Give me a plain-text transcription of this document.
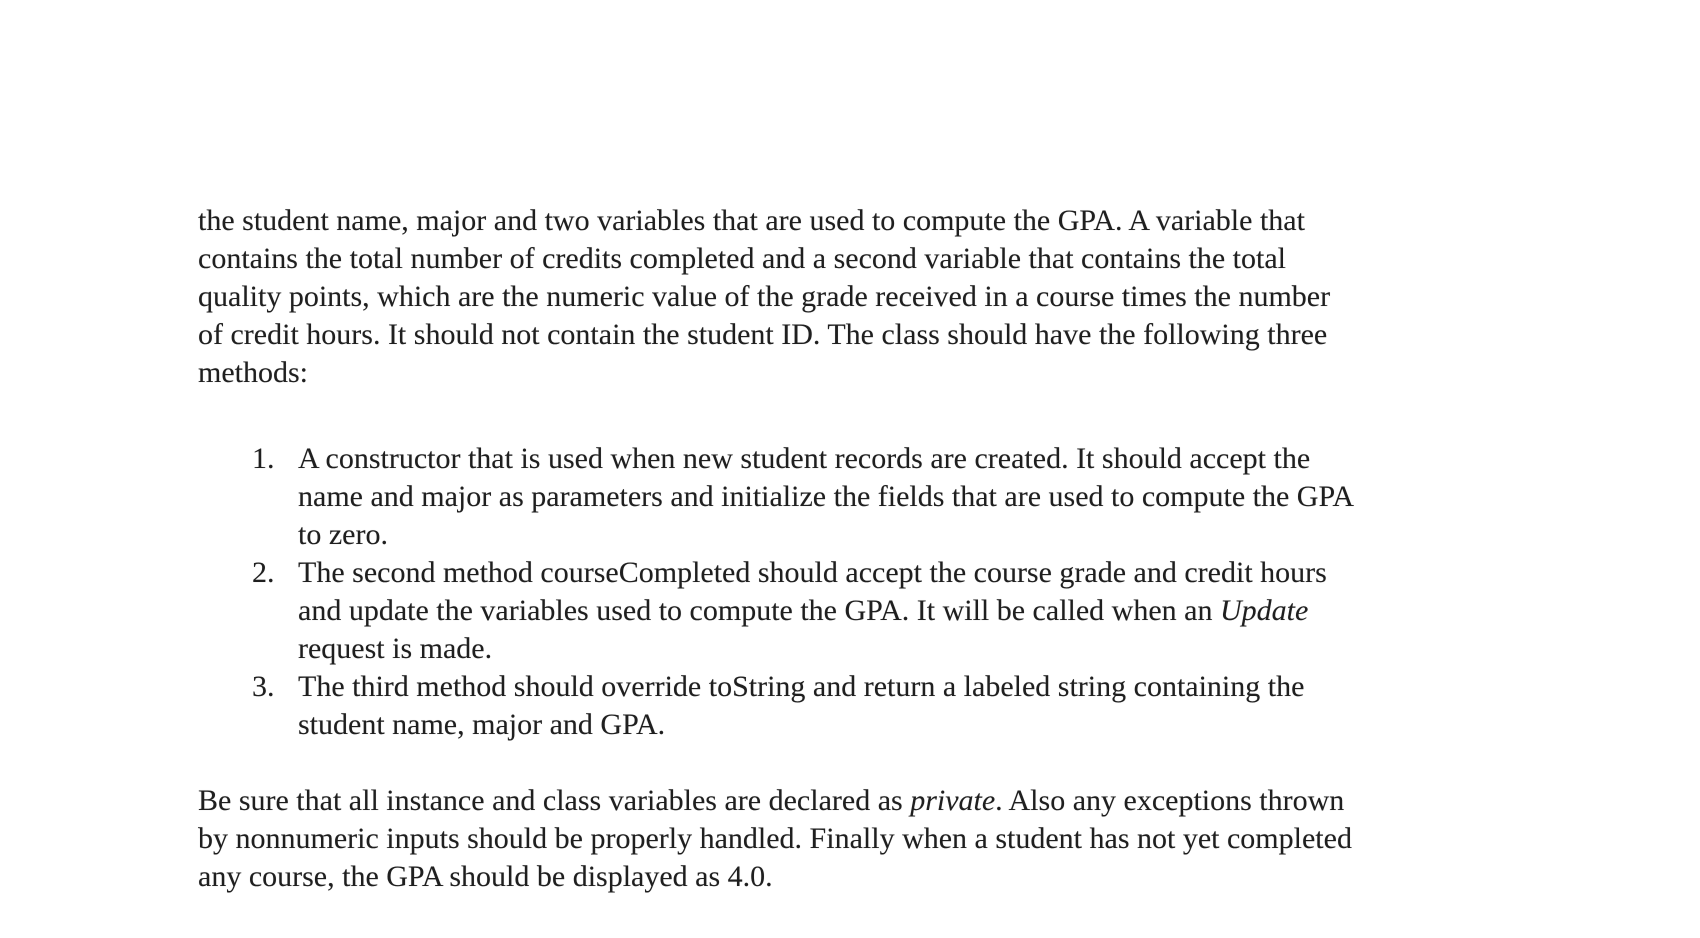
the student name, major and two variables that are used to compute the GPA. A variable that
contains the total number of credits completed and a second variable that contains the total
quality points, which are the numeric value of the grade received in a course times the number
of credit hours. It should not contain the student ID. The class should have the following three
methods:
1. A constructor that is used when new student records are created. It should accept the
name and major as parameters and initialize the fields that are used to compute the GPA
to zero.
2. The second method courseCompleted should accept the course grade and credit hours
and update the variables used to compute the GPA. It will be called when an Update
request is made.
3. The third method should override toString and return a labeled string containing the
student name, major and GPA.
Be sure that all instance and class variables are declared as private. Also any exceptions thrown
by nonnumeric inputs should be properly handled. Finally when a student has not yet completed
any course, the GPA should be displayed as 4.0.
